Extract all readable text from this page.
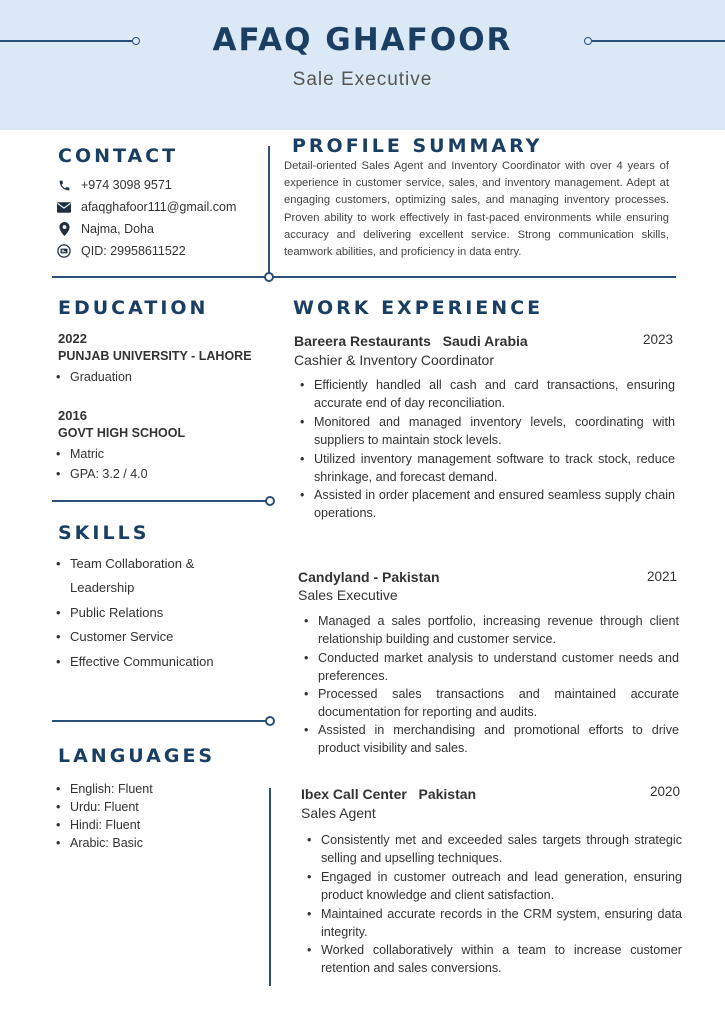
AFAQ GHAFOOR
Sale Executive
CONTACT
+974 3098 9571
afaqghafoor111@gmail.com
Najma, Doha
QID: 29958611522
PROFILE SUMMARY
Detail-oriented Sales Agent and Inventory Coordinator with over 4 years of experience in customer service, sales, and inventory management. Adept at engaging customers, optimizing sales, and managing inventory processes. Proven ability to work effectively in fast-paced environments while ensuring accuracy and delivering excellent service. Strong communication skills, teamwork abilities, and proficiency in data entry.
EDUCATION
2022
PUNJAB UNIVERSITY - LAHORE
• Graduation
2016
GOVT HIGH SCHOOL
• Matric
• GPA: 3.2 / 4.0
SKILLS
• Team Collaboration & Leadership
• Public Relations
• Customer Service
• Effective Communication
LANGUAGES
• English: Fluent
• Urdu: Fluent
• Hindi: Fluent
• Arabic: Basic
WORK EXPERIENCE
Bareera Restaurants   Saudi Arabia	2023
Cashier & Inventory Coordinator
• Efficiently handled all cash and card transactions, ensuring accurate end of day reconciliation.
• Monitored and managed inventory levels, coordinating with suppliers to maintain stock levels.
• Utilized inventory management software to track stock, reduce shrinkage, and forecast demand.
• Assisted in order placement and ensured seamless supply chain operations.
Candyland - Pakistan	2021
Sales Executive
• Managed a sales portfolio, increasing revenue through client relationship building and customer service.
• Conducted market analysis to understand customer needs and preferences.
• Processed sales transactions and maintained accurate documentation for reporting and audits.
• Assisted in merchandising and promotional efforts to drive product visibility and sales.
Ibex Call Center   Pakistan	2020
Sales Agent
• Consistently met and exceeded sales targets through strategic selling and upselling techniques.
• Engaged in customer outreach and lead generation, ensuring product knowledge and client satisfaction.
• Maintained accurate records in the CRM system, ensuring data integrity.
• Worked collaboratively within a team to increase customer retention and sales conversions.
